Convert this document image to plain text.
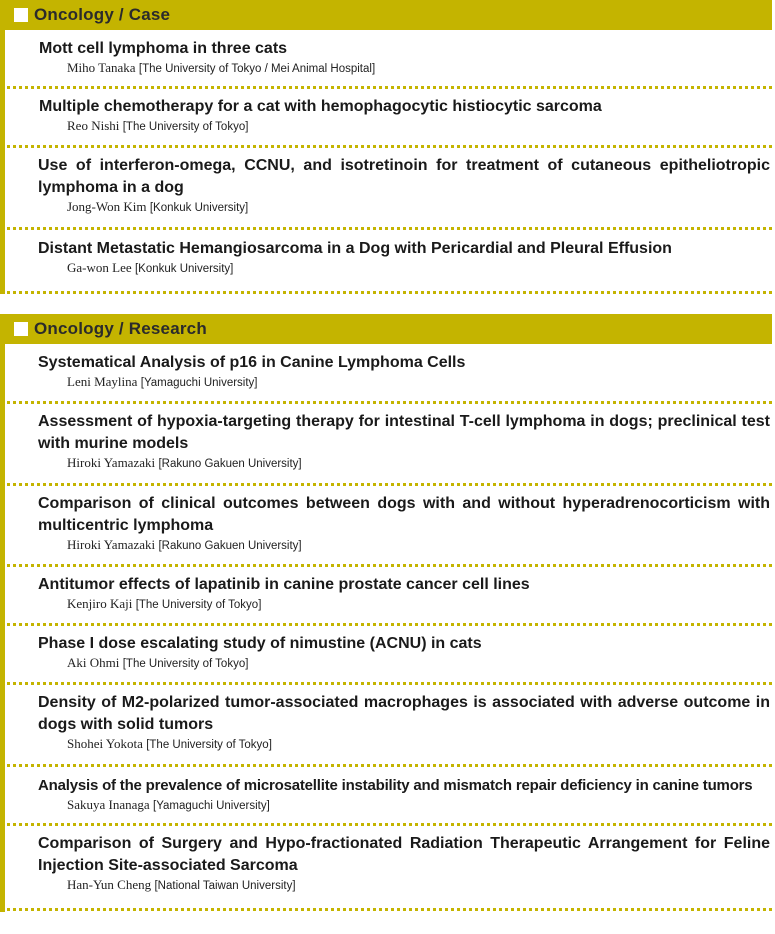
Oncology / Case
Mott cell lymphoma in three cats
Miho Tanaka [The University of Tokyo / Mei Animal Hospital]
Multiple chemotherapy for a cat with hemophagocytic histiocytic sarcoma
Reo Nishi [The University of Tokyo]
Use of interferon-omega, CCNU, and isotretinoin for treatment of cutaneous epitheliotropic lymphoma in a dog
Jong-Won Kim [Konkuk University]
Distant Metastatic Hemangiosarcoma in a Dog with Pericardial and Pleural Effusion
Ga-won Lee [Konkuk University]
Oncology / Research
Systematical Analysis of p16 in Canine Lymphoma Cells
Leni Maylina [Yamaguchi University]
Assessment of hypoxia-targeting therapy for intestinal T-cell lymphoma in dogs; preclinical test with murine models
Hiroki Yamazaki [Rakuno Gakuen University]
Comparison of clinical outcomes between dogs with and without hyperadrenocorticism with multicentric lymphoma
Hiroki Yamazaki [Rakuno Gakuen University]
Antitumor effects of lapatinib in canine prostate cancer cell lines
Kenjiro Kaji [The University of Tokyo]
Phase I dose escalating study of nimustine (ACNU) in cats
Aki Ohmi [The University of Tokyo]
Density of M2-polarized tumor-associated macrophages is associated with adverse outcome in dogs with solid tumors
Shohei Yokota [The University of Tokyo]
Analysis of the prevalence of microsatellite instability and mismatch repair deficiency in canine tumors
Sakuya Inanaga [Yamaguchi University]
Comparison of Surgery and Hypo-fractionated Radiation Therapeutic Arrangement for Feline Injection Site-associated Sarcoma
Han-Yun Cheng [National Taiwan University]
